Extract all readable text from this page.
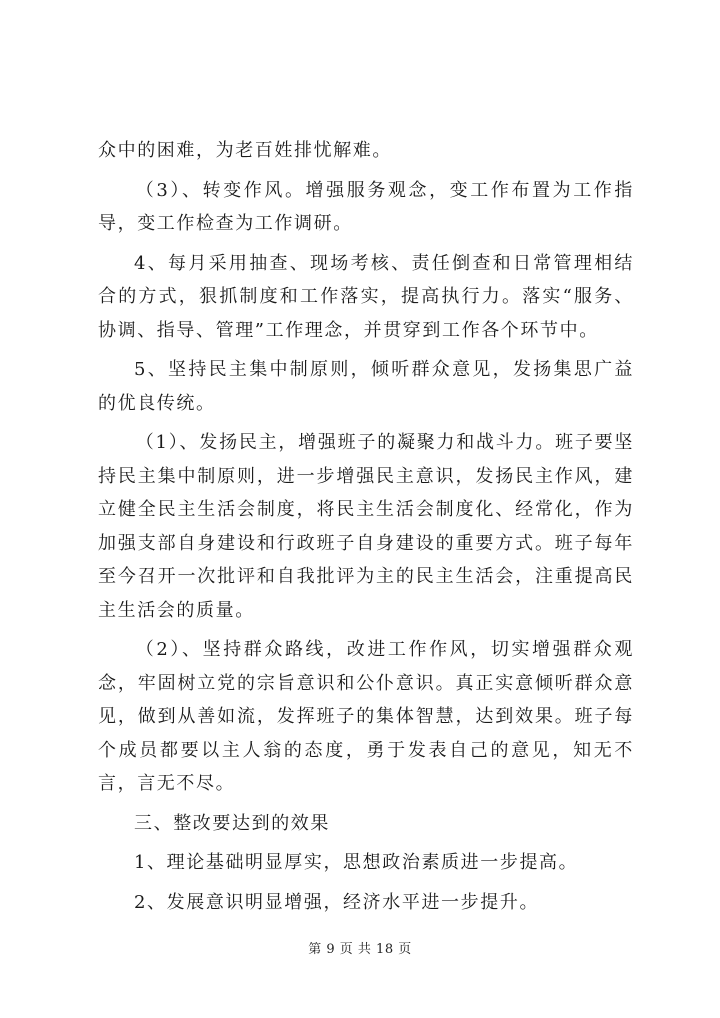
众中的困难，为老百姓排忧解难。

（3）、转变作风。增强服务观念，变工作布置为工作指导，变工作检查为工作调研。

4、每月采用抽查、现场考核、责任倒查和日常管理相结合的方式，狠抓制度和工作落实，提高执行力。落实“服务、协调、指导、管理”工作理念，并贯穿到工作各个环节中。

5、坚持民主集中制原则，倾听群众意见，发扬集思广益的优良传统。

（1）、发扬民主，增强班子的凝聚力和战斗力。班子要坚持民主集中制原则，进一步增强民主意识，发扬民主作风，建立健全民主生活会制度，将民主生活会制度化、经常化，作为加强支部自身建设和行政班子自身建设的重要方式。班子每年至今召开一次批评和自我批评为主的民主生活会，注重提高民主生活会的质量。

（2）、坚持群众路线，改进工作作风，切实增强群众观念，牢固树立党的宗旨意识和公仆意识。真正实意倾听群众意见，做到从善如流，发挥班子的集体智慧，达到效果。班子每个成员都要以主人翁的态度，勇于发表自己的意见，知无不言，言无不尽。

三、整改要达到的效果

1、理论基础明显厚实，思想政治素质进一步提高。

2、发展意识明显增强，经济水平进一步提升。

第 9 页 共 18 页
